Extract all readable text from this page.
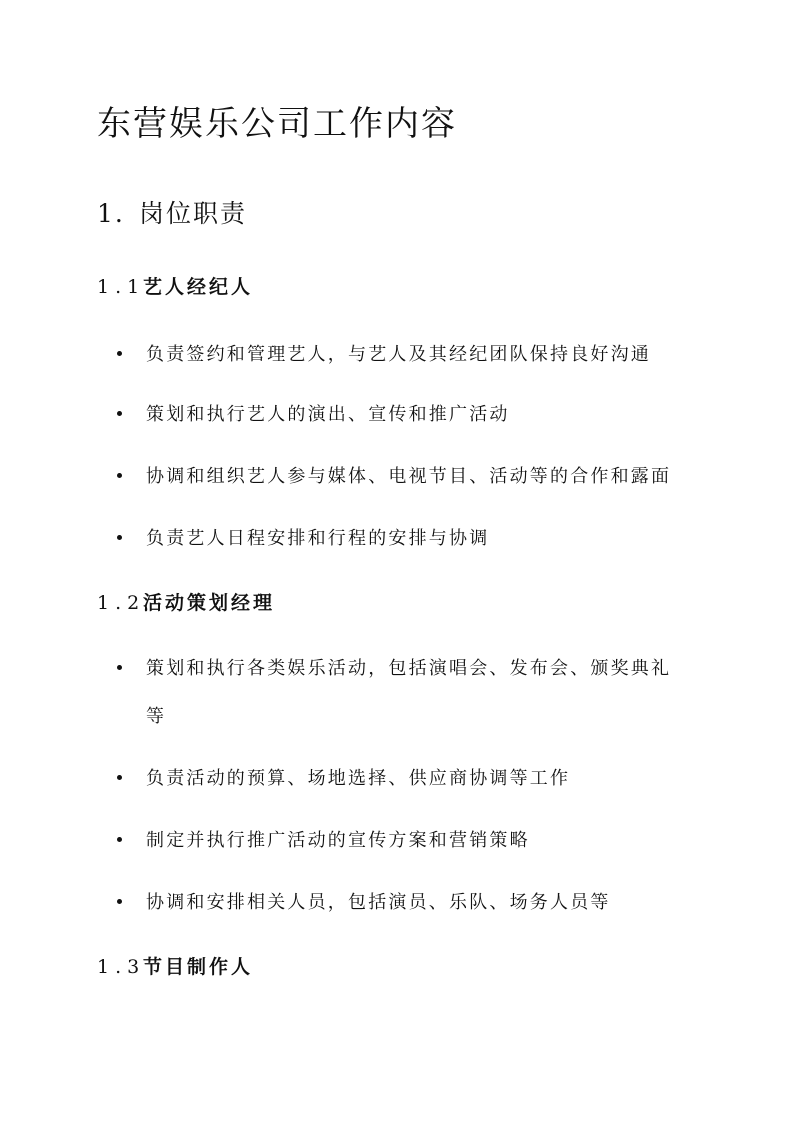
东营娱乐公司工作内容
1. 岗位职责
1.1艺人经纪人
负责签约和管理艺人，与艺人及其经纪团队保持良好沟通
策划和执行艺人的演出、宣传和推广活动
协调和组织艺人参与媒体、电视节目、活动等的合作和露面
负责艺人日程安排和行程的安排与协调
1.2活动策划经理
策划和执行各类娱乐活动，包括演唱会、发布会、颁奖典礼
等
负责活动的预算、场地选择、供应商协调等工作
制定并执行推广活动的宣传方案和营销策略
协调和安排相关人员，包括演员、乐队、场务人员等
1.3节目制作人
